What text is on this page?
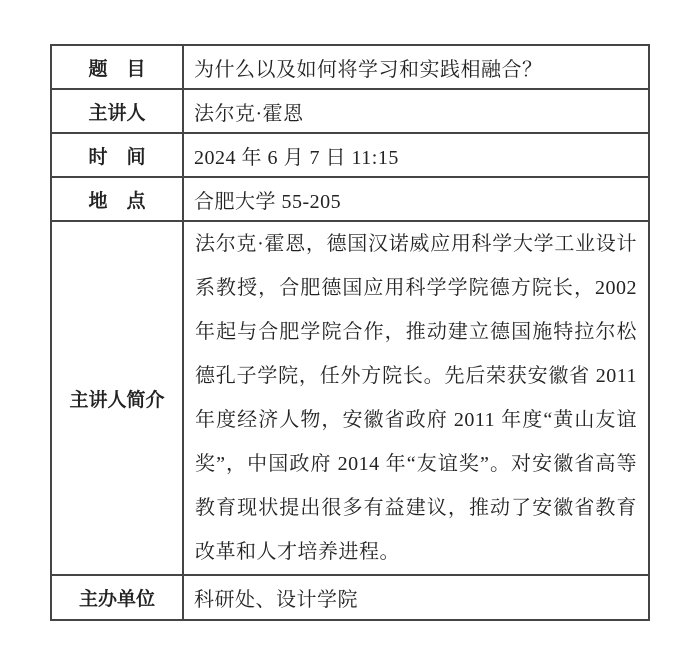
题　目	为什么以及如何将学习和实践相融合？
主讲人	法尔克·霍恩
时　间	2024 年 6 月 7 日 11:15
地　点	合肥大学 55-205
主讲人简介	法尔克·霍恩，德国汉诺威应用科学大学工业设计系教授，合肥德国应用科学学院德方院长，2002 年起与合肥学院合作，推动建立德国施特拉尔松德孔子学院，任外方院长。先后荣获安徽省 2011 年度经济人物，安徽省政府 2011 年度“黄山友谊奖”，中国政府 2014 年“友谊奖”。对安徽省高等教育现状提出很多有益建议，推动了安徽省教育改革和人才培养进程。
主办单位	科研处、设计学院
